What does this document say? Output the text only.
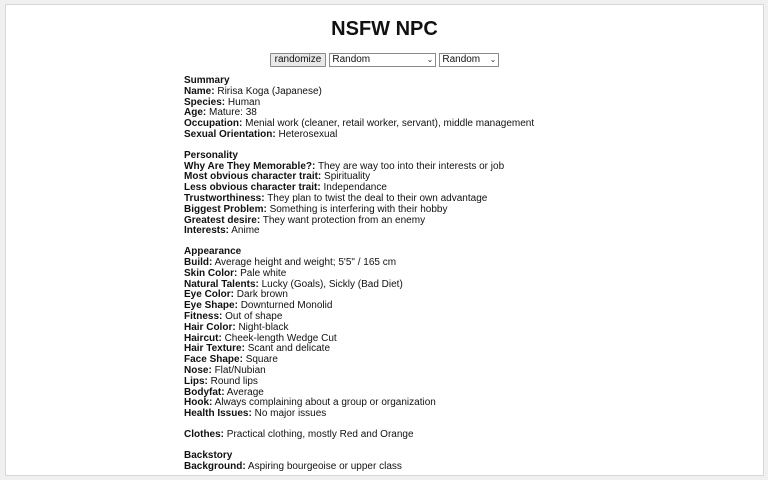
NSFW NPC
randomize	Random	⌄ Random ⌄
Summary
Name: Ririsa Koga (Japanese)
Species: Human
Age: Mature: 38
Occupation: Menial work (cleaner, retail worker, servant), middle management
Sexual Orientation: Heterosexual
Personality
Why Are They Memorable?: They are way too into their interests or job
Most obvious character trait: Spirituality
Less obvious character trait: Independance
Trustworthiness: They plan to twist the deal to their own advantage
Biggest Problem: Something is interfering with their hobby
Greatest desire: They want protection from an enemy
Interests: Anime
Appearance
Build: Average height and weight; 5'5" / 165 cm
Skin Color: Pale white
Natural Talents: Lucky (Goals), Sickly (Bad Diet)
Eye Color: Dark brown
Eye Shape: Downturned Monolid
Fitness: Out of shape
Hair Color: Night-black
Haircut: Cheek-length Wedge Cut
Hair Texture: Scant and delicate
Face Shape: Square
Nose: Flat/Nubian
Lips: Round lips
Bodyfat: Average
Hook: Always complaining about a group or organization
Health Issues: No major issues
Clothes: Practical clothing, mostly Red and Orange
Backstory
Background: Aspiring bourgeoise or upper class
